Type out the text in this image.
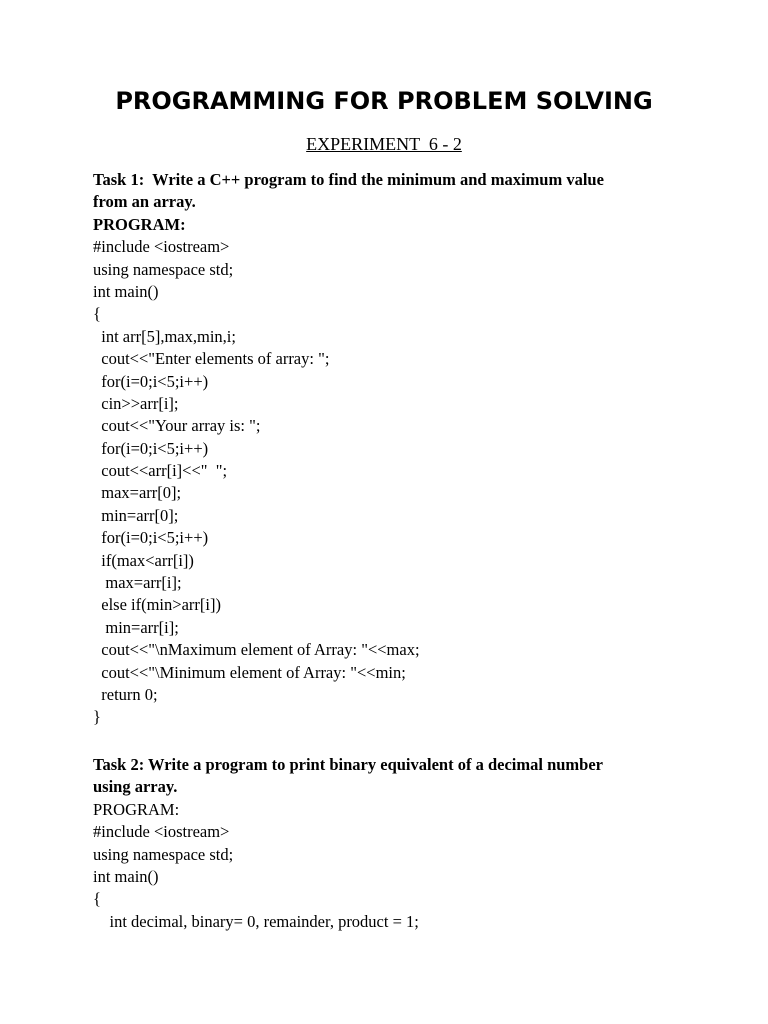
PROGRAMMING FOR PROBLEM SOLVING
EXPERIMENT  6 - 2
Task 1:  Write a C++ program to find the minimum and maximum value
from an array.
PROGRAM:
#include <iostream>
using namespace std;
int main()
{
int arr[5],max,min,i;
cout<<"Enter elements of array: ";
for(i=0;i<5;i++)
cin>>arr[i];
cout<<"Your array is: ";
for(i=0;i<5;i++)
cout<<arr[i]<<"  ";
max=arr[0];
min=arr[0];
for(i=0;i<5;i++)
if(max<arr[i])
max=arr[i];
else if(min>arr[i])
min=arr[i];
cout<<"\nMaximum element of Array: "<<max;
cout<<"\Minimum element of Array: "<<min;
return 0;
}
Task 2: Write a program to print binary equivalent of a decimal number
using array.
PROGRAM:
#include <iostream>
using namespace std;
int main()
{
int decimal, binary= 0, remainder, product = 1;
